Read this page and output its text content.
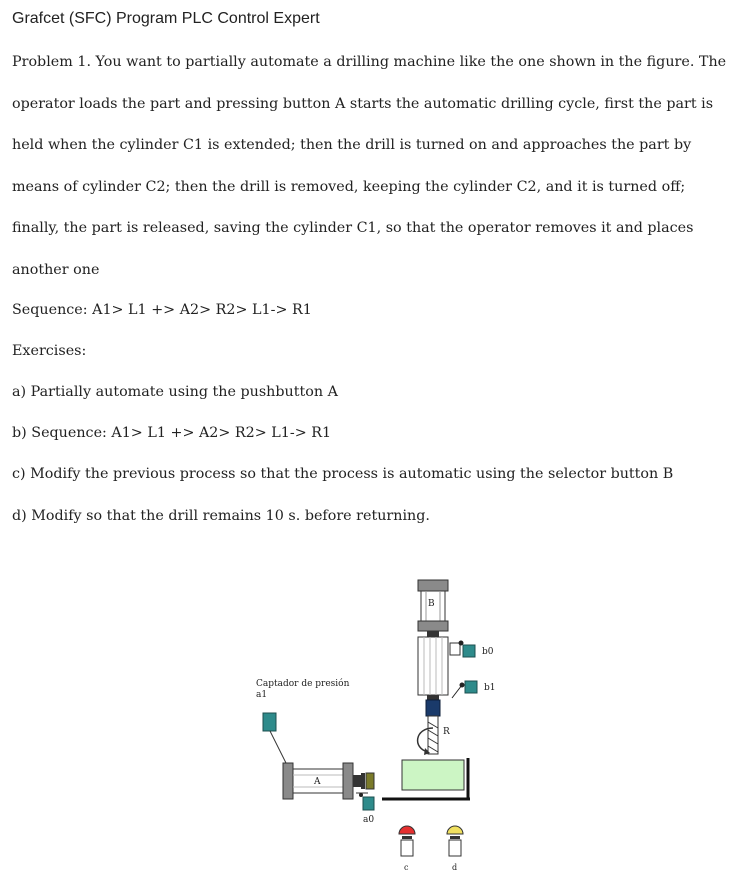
Grafcet (SFC) Program PLC Control Expert

Problem 1. You want to partially automate a drilling machine like the one shown in the figure. The operator loads the part and pressing button A starts the automatic drilling cycle, first the part is held when the cylinder C1 is extended; then the drill is turned on and approaches the part by means of cylinder C2; then the drill is removed, keeping the cylinder C2, and it is turned off; finally, the part is released, saving the cylinder C1, so that the operator removes it and places another one

Sequence: A1> L1 +> A2> R2> L1-> R1
Exercises:
a) Partially automate using the pushbutton A
b) Sequence: A1> L1 +> A2> R2> L1-> R1
c) Modify the previous process so that the process is automatic using the selector button B
d) Modify so that the drill remains 10 s. before returning.
B
b0
b1
R
Captador de presión
a1
A
a0
c	d
